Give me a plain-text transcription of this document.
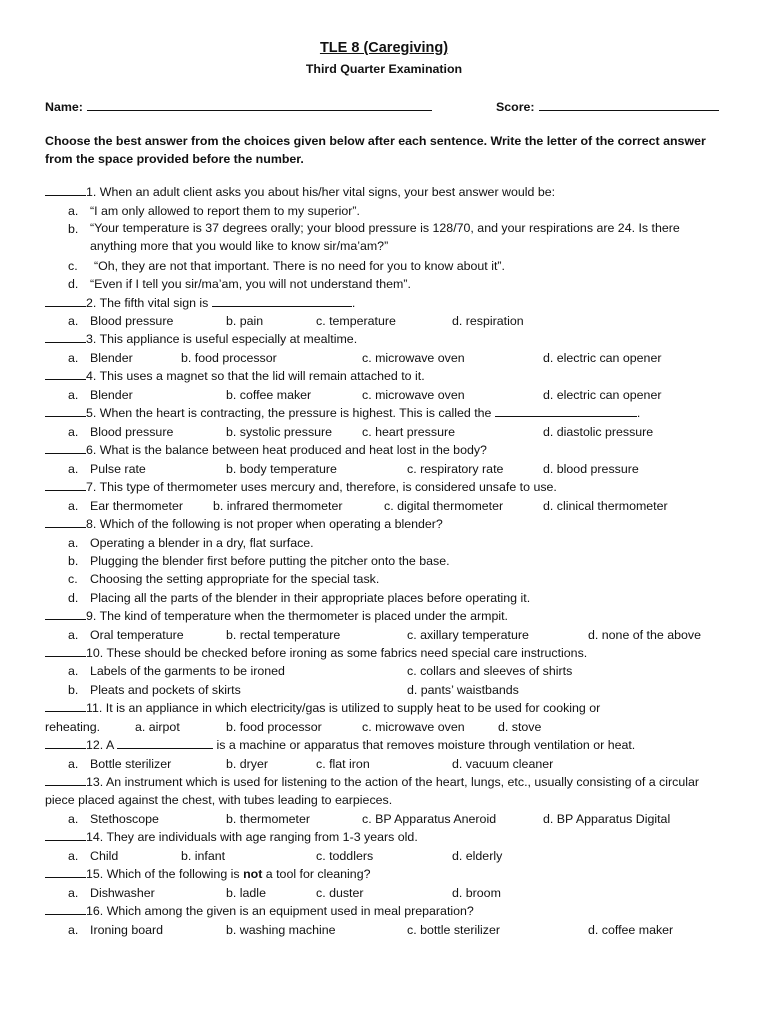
TLE 8 (Caregiving)
Third Quarter Examination
Name:	Score:
Choose the best answer from the choices given below after each sentence. Write the letter of the correct answer from the space provided before the number.
1. When an adult client asks you about his/her vital signs, your best answer would be:
a. “I am only allowed to report them to my superior”.
b. “Your temperature is 37 degrees orally; your blood pressure is 128/70, and your respirations are 24. Is there anything more that you would like to know sir/ma’am?”
c. “Oh, they are not that important. There is no need for you to know about it”.
d. “Even if I tell you sir/ma’am, you will not understand them”.
2. The fifth vital sign is	.
a. Blood pressure	b. pain	c. temperature	d. respiration
3. This appliance is useful especially at mealtime.
a. Blender	b. food processor	c. microwave oven	d. electric can opener
4. This uses a magnet so that the lid will remain attached to it.
a. Blender	b. coffee maker	c. microwave oven	d. electric can opener
5. When the heart is contracting, the pressure is highest. This is called the	.
a. Blood pressure	b. systolic pressure c. heart pressure	d. diastolic pressure
6. What is the balance between heat produced and heat lost in the body?
a. Pulse rate	b. body temperature	c. respiratory rate	d. blood pressure
7. This type of thermometer uses mercury and, therefore, is considered unsafe to use.
a. Ear thermometer b. infrared thermometer	c. digital thermometer	d. clinical thermometer
8. Which of the following is not proper when operating a blender?
a. Operating a blender in a dry, flat surface.
b. Plugging the blender first before putting the pitcher onto the base.
c. Choosing the setting appropriate for the special task.
d. Placing all the parts of the blender in their appropriate places before operating it.
9. The kind of temperature when the thermometer is placed under the armpit.
a. Oral temperature	b. rectal temperature	c. axillary temperature	d. none of the above
10. These should be checked before ironing as some fabrics need special care instructions.
a. Labels of the garments to be ironed	c. collars and sleeves of shirts
b. Pleats and pockets of skirts	d. pants’ waistbands
11. It is an appliance in which electricity/gas is utilized to supply heat to be used for cooking or
reheating.	a. airpot	b. food processor	c. microwave oven	d. stove
12. A	is a machine or apparatus that removes moisture through ventilation or heat.
a. Bottle sterilizer	b. dryer	c. flat iron	d. vacuum cleaner
13. An instrument which is used for listening to the action of the heart, lungs, etc., usually consisting of a circular piece placed against the chest, with tubes leading to earpieces.
a. Stethoscope	b. thermometer	c. BP Apparatus Aneroid	d. BP Apparatus Digital
14. They are individuals with age ranging from 1-3 years old.
a. Child	b. infant	c. toddlers	d. elderly
15. Which of the following is not a tool for cleaning?
a. Dishwasher	b. ladle	c. duster	d. broom
16. Which among the given is an equipment used in meal preparation?
a. Ironing board	b. washing machine	c. bottle sterilizer	d. coffee maker
